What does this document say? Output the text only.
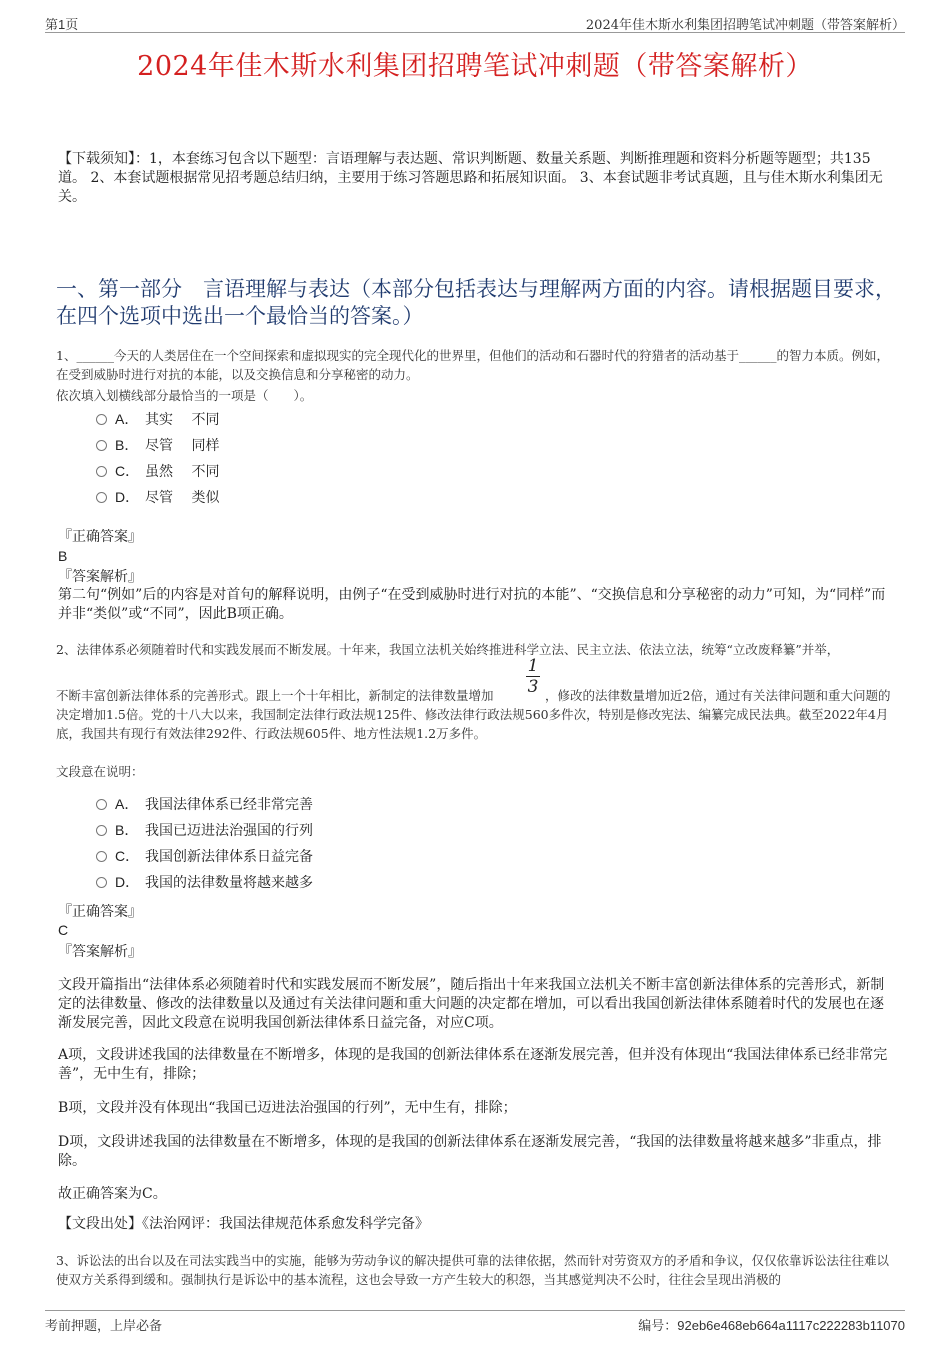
第1页	2024年佳木斯水利集团招聘笔试冲刺题（带答案解析）
2024年佳木斯水利集团招聘笔试冲刺题（带答案解析）
【下载须知】：1，本套练习包含以下题型：言语理解与表达题、常识判断题、数量关系题、判断推理题和资料分析题等题型；共135道。 2、本套试题根据常见招考题总结归纳，主要用于练习答题思路和拓展知识面。 3、本套试题非考试真题，且与佳木斯水利集团无关。
一、第一部分　言语理解与表达（本部分包括表达与理解两方面的内容。请根据题目要求，在四个选项中选出一个最恰当的答案。）
1、______今天的人类居住在一个空间探索和虚拟现实的完全现代化的世界里，但他们的活动和石器时代的狩猎者的活动基于______的智力本质。例如，在受到威胁时进行对抗的本能，以及交换信息和分享秘密的动力。
依次填入划横线部分最恰当的一项是（　　）。
A． 其实 不同
B． 尽管 同样
C． 虽然 不同
D． 尽管 类似
『正确答案』
B
『答案解析』
第二句“例如”后的内容是对首句的解释说明，由例子“在受到威胁时进行对抗的本能”、“交换信息和分享秘密的动力”可知，为“同样”而并非“类似”或“不同”，因此B项正确。
2、法律体系必须随着时代和实践发展而不断发展。十年来，我国立法机关始终推进科学立法、民主立法、依法立法，统筹“立改废释纂”并举，
不断丰富创新法律体系的完善形式。跟上一个十年相比，新制定的法律数量增加
1
3 ，修改的法律数量增加近2倍，通过有关法律问题和重大问题的决定增加1.5倍。党的十八大以来，我国制定法律行政法规125件、修改法律行政法规560多件次，特别是修改宪法、编纂完成民法典。截至2022年4月底，我国共有现行有效法律292件、行政法规605件、地方性法规1.2万多件。
文段意在说明：
A． 我国法律体系已经非常完善
B． 我国已迈进法治强国的行列
C． 我国创新法律体系日益完备
D． 我国的法律数量将越来越多
『正确答案』
C
『答案解析』
文段开篇指出“法律体系必须随着时代和实践发展而不断发展”，随后指出十年来我国立法机关不断丰富创新法律体系的完善形式，新制定的法律数量、修改的法律数量以及通过有关法律问题和重大问题的决定都在增加，可以看出我国创新法律体系随着时代的发展也在逐渐发展完善，因此文段意在说明我国创新法律体系日益完备，对应C项。
A项，文段讲述我国的法律数量在不断增多，体现的是我国的创新法律体系在逐渐发展完善，但并没有体现出“我国法律体系已经非常完善”，无中生有，排除；
B项，文段并没有体现出“我国已迈进法治强国的行列”，无中生有，排除；
D项，文段讲述我国的法律数量在不断增多，体现的是我国的创新法律体系在逐渐发展完善，“我国的法律数量将越来越多”非重点，排除。
故正确答案为C。
【文段出处】《法治网评：我国法律规范体系愈发科学完备》
3、诉讼法的出台以及在司法实践当中的实施，能够为劳动争议的解决提供可靠的法律依据，然而针对劳资双方的矛盾和争议，仅仅依靠诉讼法往往难以使双方关系得到缓和。强制执行是诉讼中的基本流程，这也会导致一方产生较大的积怨，当其感觉判决不公时，往往会呈现出消极的
考前押题，上岸必备	编号：92eb6e468eb664a1117c222283b11070
